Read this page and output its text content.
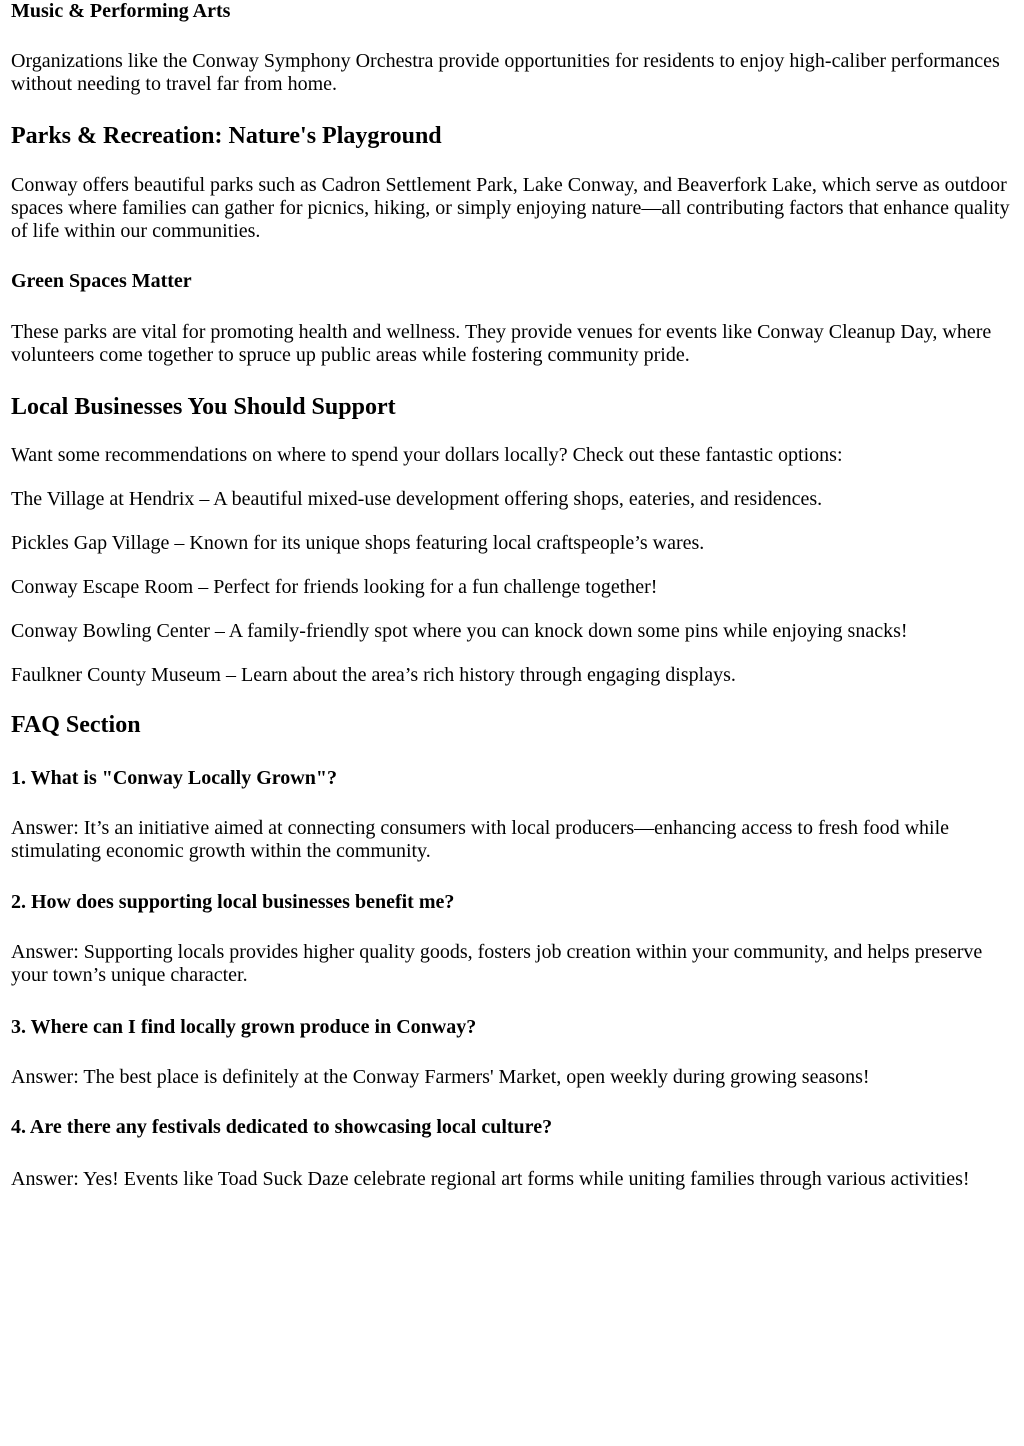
Music & Performing Arts

Organizations like the Conway Symphony Orchestra provide opportunities for residents to enjoy high-caliber performances without needing to travel far from home.

Parks & Recreation: Nature's Playground

Conway offers beautiful parks such as Cadron Settlement Park, Lake Conway, and Beaverfork Lake, which serve as outdoor spaces where families can gather for picnics, hiking, or simply enjoying nature—all contributing factors that enhance quality of life within our communities.

Green Spaces Matter

These parks are vital for promoting health and wellness. They provide venues for events like Conway Cleanup Day, where volunteers come together to spruce up public areas while fostering community pride.

Local Businesses You Should Support

Want some recommendations on where to spend your dollars locally? Check out these fantastic options:

The Village at Hendrix – A beautiful mixed-use development offering shops, eateries, and residences.

Pickles Gap Village – Known for its unique shops featuring local craftspeople’s wares.

Conway Escape Room – Perfect for friends looking for a fun challenge together!

Conway Bowling Center – A family-friendly spot where you can knock down some pins while enjoying snacks!

Faulkner County Museum – Learn about the area’s rich history through engaging displays.

FAQ Section
1. What is "Conway Locally Grown"?

Answer: It’s an initiative aimed at connecting consumers with local producers—enhancing access to fresh food while stimulating economic growth within the community.

2. How does supporting local businesses benefit me?

Answer: Supporting locals provides higher quality goods, fosters job creation within your community, and helps preserve your town’s unique character.

3. Where can I find locally grown produce in Conway?

Answer: The best place is definitely at the Conway Farmers' Market, open weekly during growing seasons!

4. Are there any festivals dedicated to showcasing local culture?

Answer: Yes! Events like Toad Suck Daze celebrate regional art forms while uniting families through various activities!
